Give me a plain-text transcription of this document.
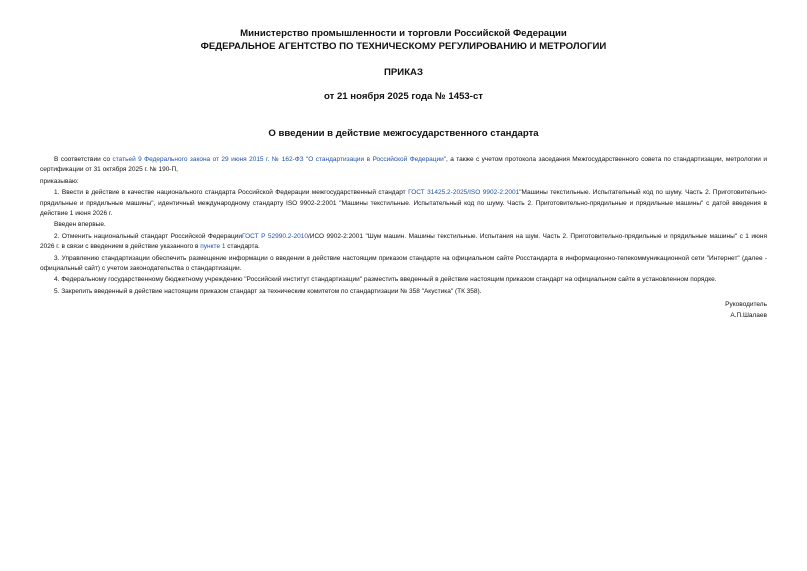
Министерство промышленности и торговли Российской Федерации
ФЕДЕРАЛЬНОЕ АГЕНТСТВО ПО ТЕХНИЧЕСКОМУ РЕГУЛИРОВАНИЮ И МЕТРОЛОГИИ
ПРИКАЗ
от 21 ноября 2025 года № 1453-ст
О введении в действие межгосударственного стандарта

В соответствии со статьей 9 Федерального закона от 29 июня 2015 г. № 162-ФЗ "О стандартизации в Российской Федерации", а также с учетом протокола заседания Межгосударственного совета по стандартизации, метрологии и сертификации от 31 октября 2025 г. № 190-П,

приказываю:

1. Ввести в действие в качестве национального стандарта Российской Федерации межгосударственный стандарт ГОСТ 31425.2-2025/ISO 9902-2:2001"Машины текстильные. Испытательный код по шуму. Часть 2. Приготовительно-прядильные и прядильные машины", идентичный международному стандарту ISO 9902-2:2001 "Машины текстильные. Испытательный код по шуму. Часть 2. Приготовительно-прядильные и прядильные машины" с датой введения в действие 1 июня 2026 г.

Введен впервые.

2. Отменить национальный стандарт Российской ФедерацииГОСТ Р 52990.2-2010/ИСО 9902-2:2001 "Шум машин. Машины текстильные. Испытания на шум. Часть 2. Приготовительно-прядильные и прядильные машины" с 1 июня 2026 г. в связи с введением в действие указанного в пункте 1 стандарта.

3. Управлению стандартизации обеспечить размещение информации о введении в действие настоящим приказом стандарте на официальном сайте Росстандарта в информационно-телекоммуникационной сети "Интернет" (далее - официальный сайт) с учетом законодательства о стандартизации.

4. Федеральному государственному бюджетному учреждению "Российский институт стандартизации" разместить введенный в действие настоящим приказом стандарт на официальном сайте в установленном порядке.

5. Закрепить введенный в действие настоящим приказом стандарт за техническим комитетом по стандартизации № 358 "Акустика" (ТК 358).

Руководитель
А.П.Шалаев
